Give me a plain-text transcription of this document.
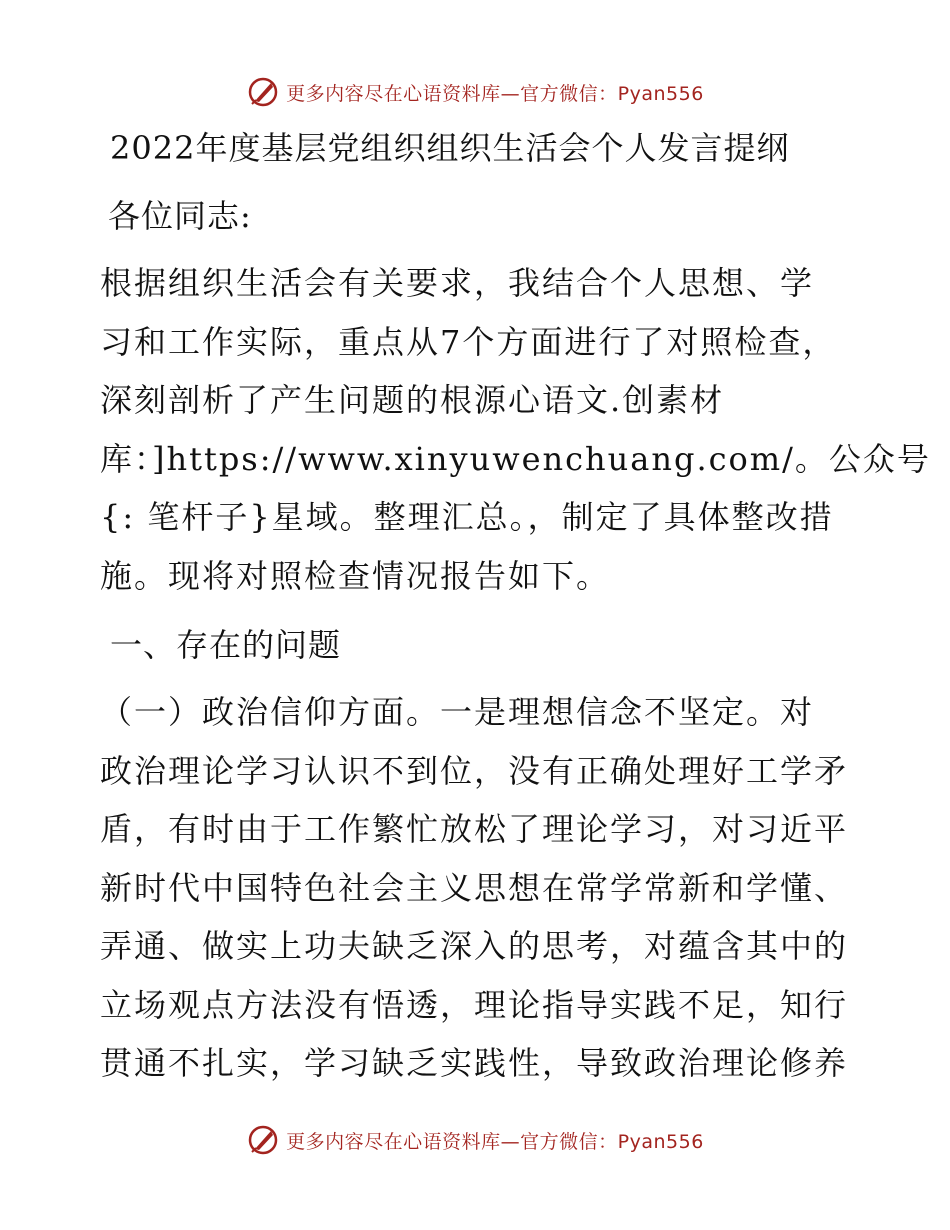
更多内容尽在心语资料库—官方微信：Pyan556
2022年度基层党组织组织生活会个人发言提纲
各位同志:
根据组织生活会有关要求，我结合个人思想、学
习和工作实际，重点从7个方面进行了对照检查，
深刻剖析了产生问题的根源心语文.创素材
库：]https://www.xinyuwenchuang.com/。公众号
{: 笔杆子}星域。整理汇总。，制定了具体整改措
施。现将对照检查情况报告如下。
一、存在的问题
（一）政治信仰方面。一是理想信念不坚定。对
政治理论学习认识不到位，没有正确处理好工学矛
盾，有时由于工作繁忙放松了理论学习，对习近平
新时代中国特色社会主义思想在常学常新和学懂、
弄通、做实上功夫缺乏深入的思考，对蕴含其中的
立场观点方法没有悟透，理论指导实践不足，知行
贯通不扎实，学习缺乏实践性，导致政治理论修养
更多内容尽在心语资料库—官方微信：Pyan556
